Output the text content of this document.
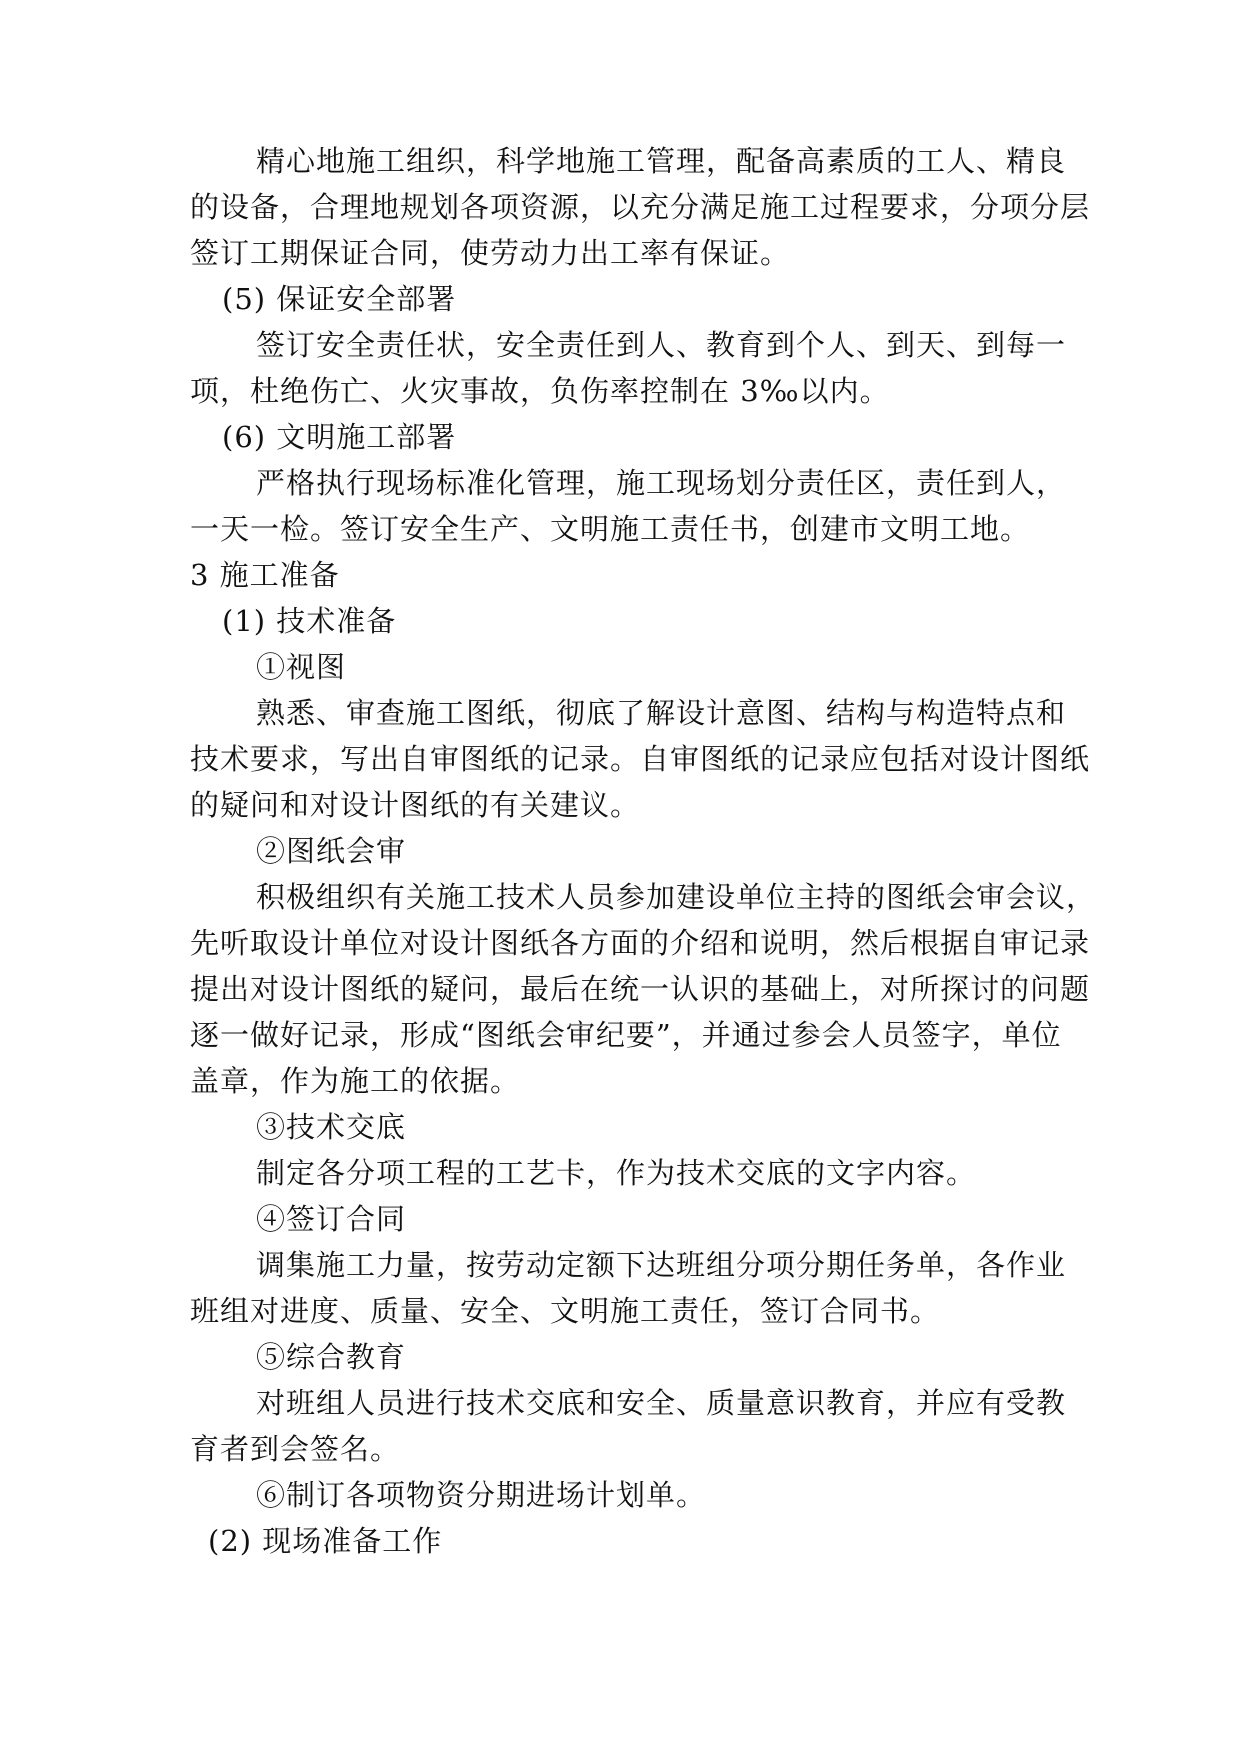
精心地施工组织，科学地施工管理，配备高素质的工人、精良
的设备，合理地规划各项资源，以充分满足施工过程要求，分项分层
签订工期保证合同，使劳动力出工率有保证。
(5) 保证安全部署
签订安全责任状，安全责任到人、教育到个人、到天、到每一
项，杜绝伤亡、火灾事故，负伤率控制在 3‰以内。
(6) 文明施工部署
严格执行现场标准化管理，施工现场划分责任区，责任到人，
一天一检。签订安全生产、文明施工责任书，创建市文明工地。
3 施工准备
(1) 技术准备
①视图
熟悉、审查施工图纸，彻底了解设计意图、结构与构造特点和
技术要求，写出自审图纸的记录。自审图纸的记录应包括对设计图纸
的疑问和对设计图纸的有关建议。
②图纸会审
积极组织有关施工技术人员参加建设单位主持的图纸会审会议，
先听取设计单位对设计图纸各方面的介绍和说明，然后根据自审记录
提出对设计图纸的疑问，最后在统一认识的基础上，对所探讨的问题
逐一做好记录，形成“图纸会审纪要”，并通过参会人员签字，单位
盖章，作为施工的依据。
③技术交底
制定各分项工程的工艺卡，作为技术交底的文字内容。
④签订合同
调集施工力量，按劳动定额下达班组分项分期任务单，各作业
班组对进度、质量、安全、文明施工责任，签订合同书。
⑤综合教育
对班组人员进行技术交底和安全、质量意识教育，并应有受教
育者到会签名。
⑥制订各项物资分期进场计划单。
(2) 现场准备工作
